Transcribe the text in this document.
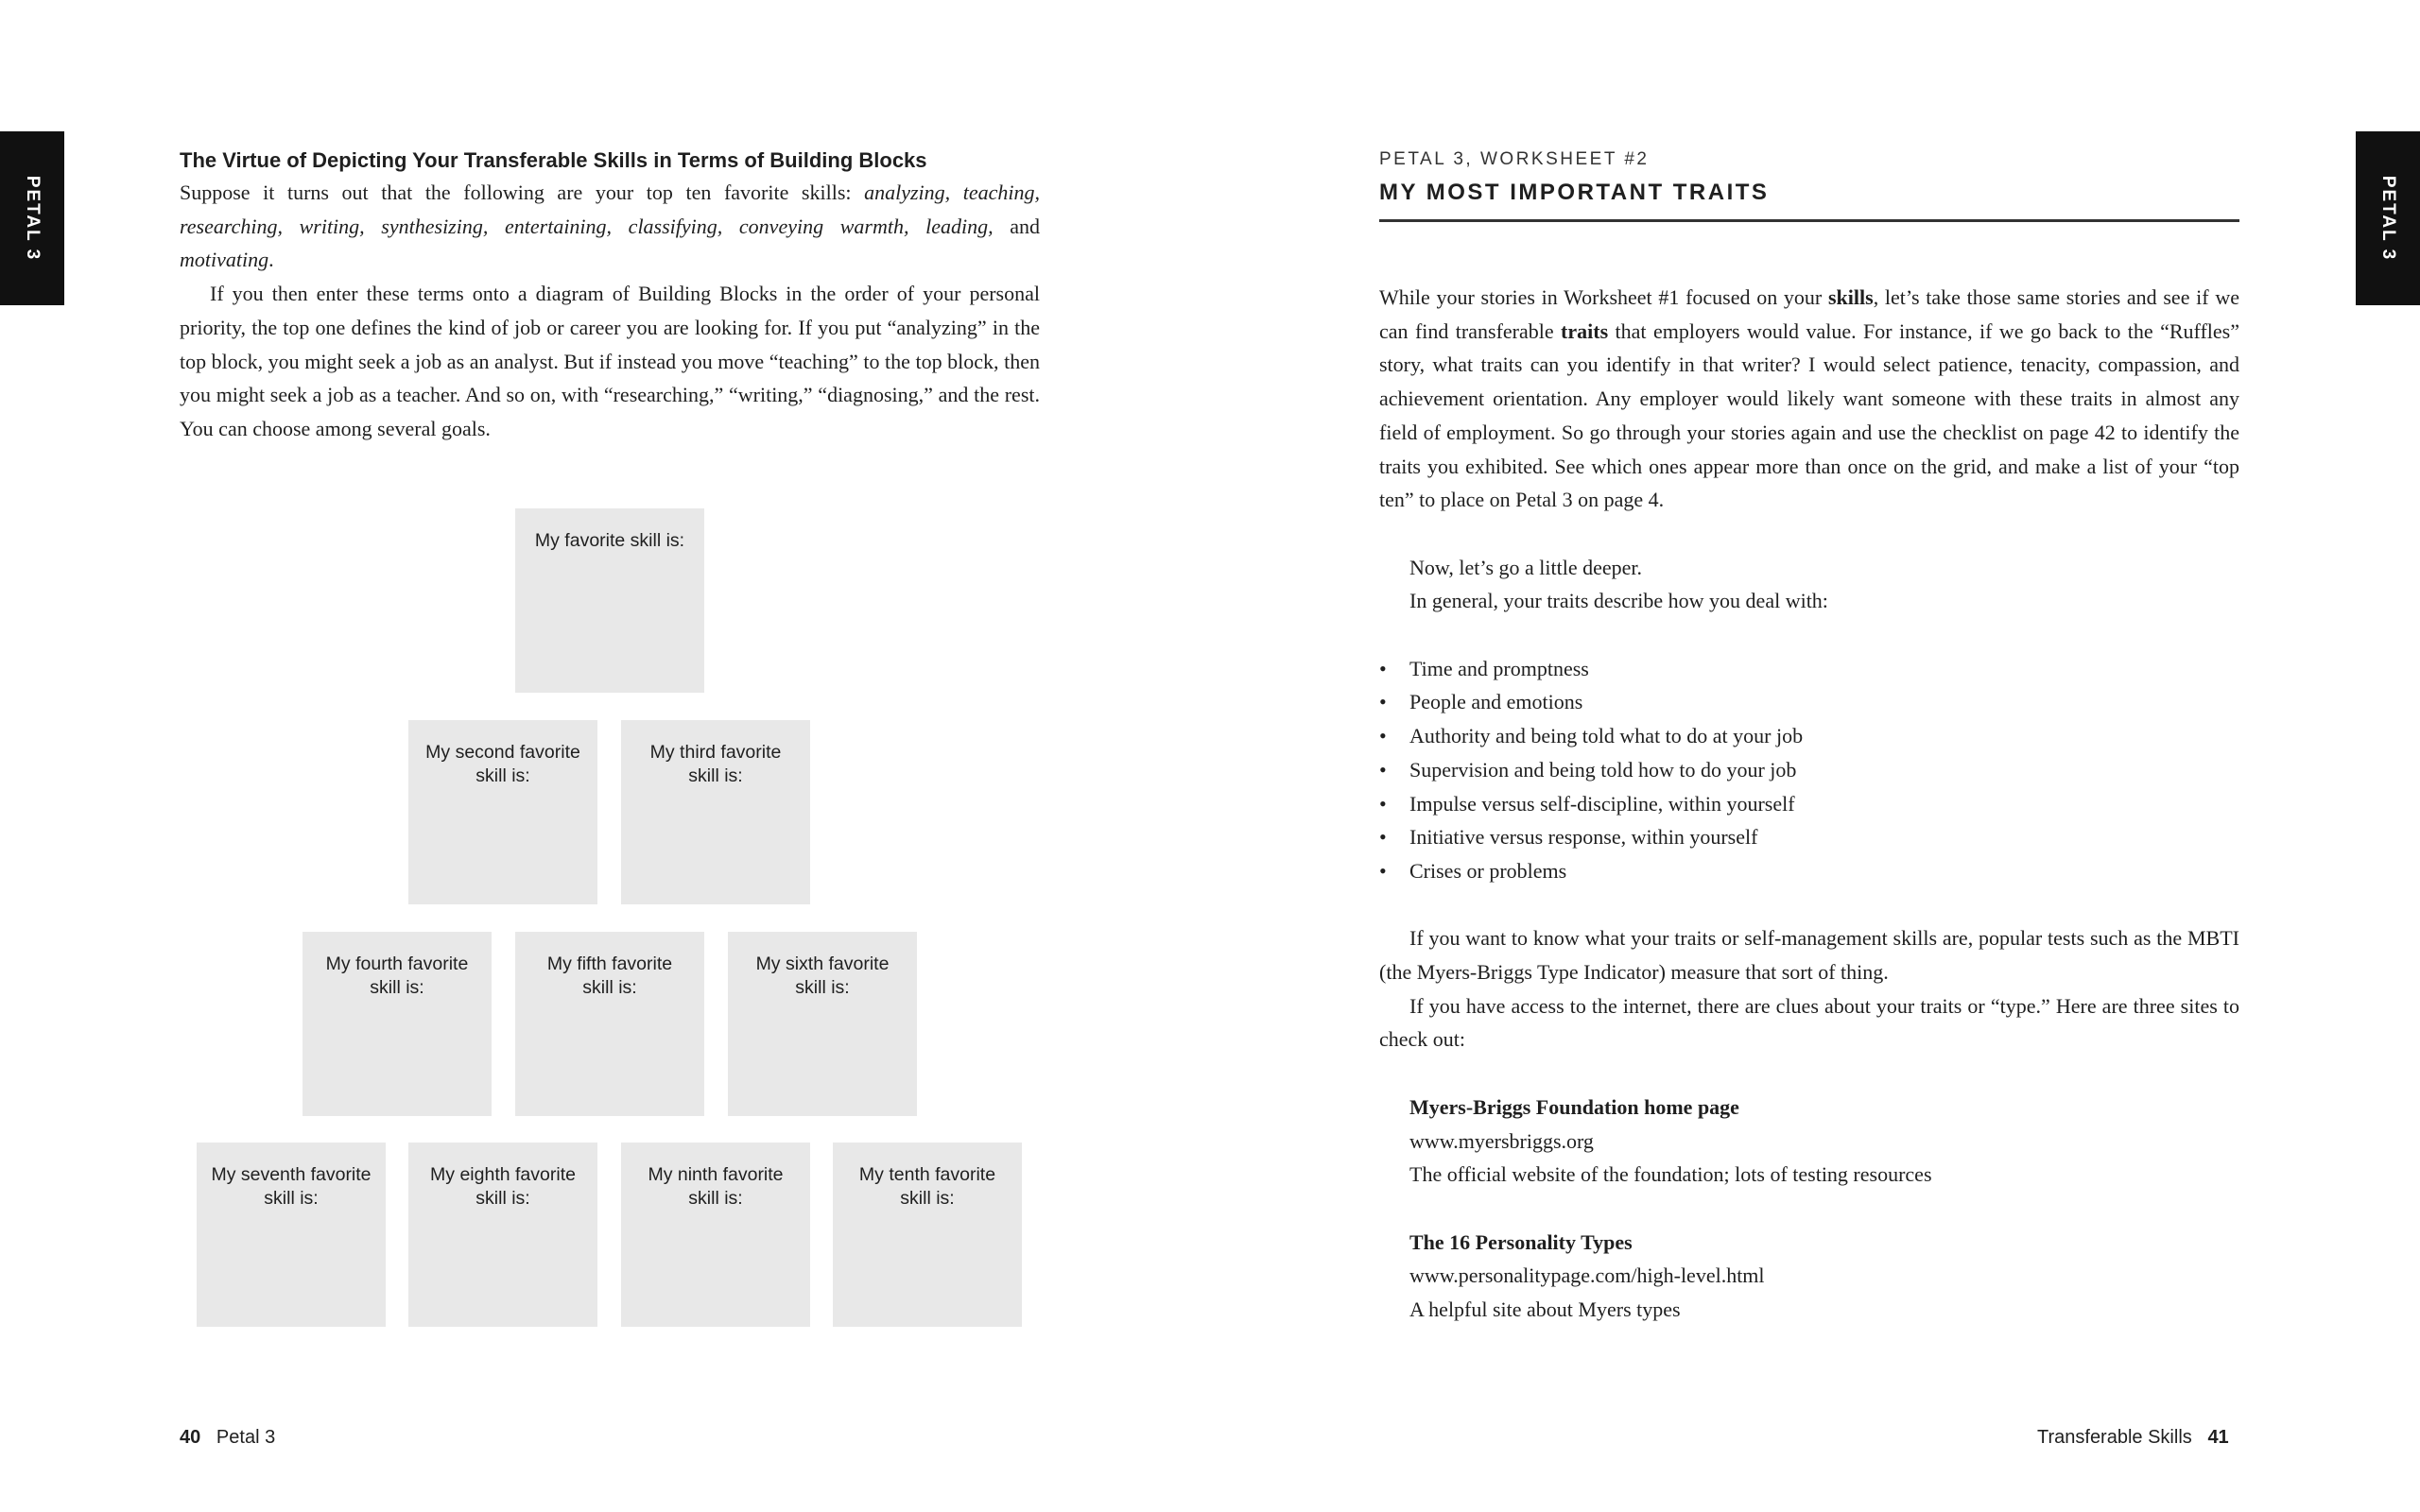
PETAL 3

The Virtue of Depicting Your Transferable Skills in Terms of Building Blocks

Suppose it turns out that the following are your top ten favorite skills: analyzing, teaching, researching, writing, synthesizing, entertaining, classifying, conveying warmth, leading, and motivating.

If you then enter these terms onto a diagram of Building Blocks in the order of your personal priority, the top one defines the kind of job or career you are looking for. If you put “analyzing” in the top block, you might seek a job as an analyst. But if instead you move “teaching” to the top block, then you might seek a job as a teacher. And so on, with “researching,” “writing,” “diagnosing,” and the rest. You can choose among several goals.

My favorite skill is:
My second favorite skill is:
My third favorite skill is:
My fourth favorite skill is:
My fifth favorite skill is:
My sixth favorite skill is:
My seventh favorite skill is:
My eighth favorite skill is:
My ninth favorite skill is:
My tenth favorite skill is:
40 Petal 3
PETAL 3

PETAL 3, WORKSHEET #2

MY MOST IMPORTANT TRAITS

While your stories in Worksheet #1 focused on your skills, let’s take those same stories and see if we can find transferable traits that employers would value. For instance, if we go back to the “Ruffles” story, what traits can you identify in that writer? I would select patience, tenacity, compassion, and achievement orientation. Any employer would likely want someone with these traits in almost any field of employment. So go through your stories again and use the checklist on page 42 to identify the traits you exhibited. See which ones appear more than once on the grid, and make a list of your “top ten” to place on Petal 3 on page 4.

Now, let’s go a little deeper.

In general, your traits describe how you deal with:

• Time and promptness
• People and emotions
• Authority and being told what to do at your job
• Supervision and being told how to do your job
• Impulse versus self-discipline, within yourself
• Initiative versus response, within yourself
• Crises or problems

If you want to know what your traits or self-management skills are, popular tests such as the MBTI (the Myers-Briggs Type Indicator) measure that sort of thing.

If you have access to the internet, there are clues about your traits or “type.” Here are three sites to check out:

Myers-Briggs Foundation home page

www.myersbriggs.org

The official website of the foundation; lots of testing resources

The 16 Personality Types

www.personalitypage.com/high-level.html

A helpful site about Myers types

Transferable Skills 41
